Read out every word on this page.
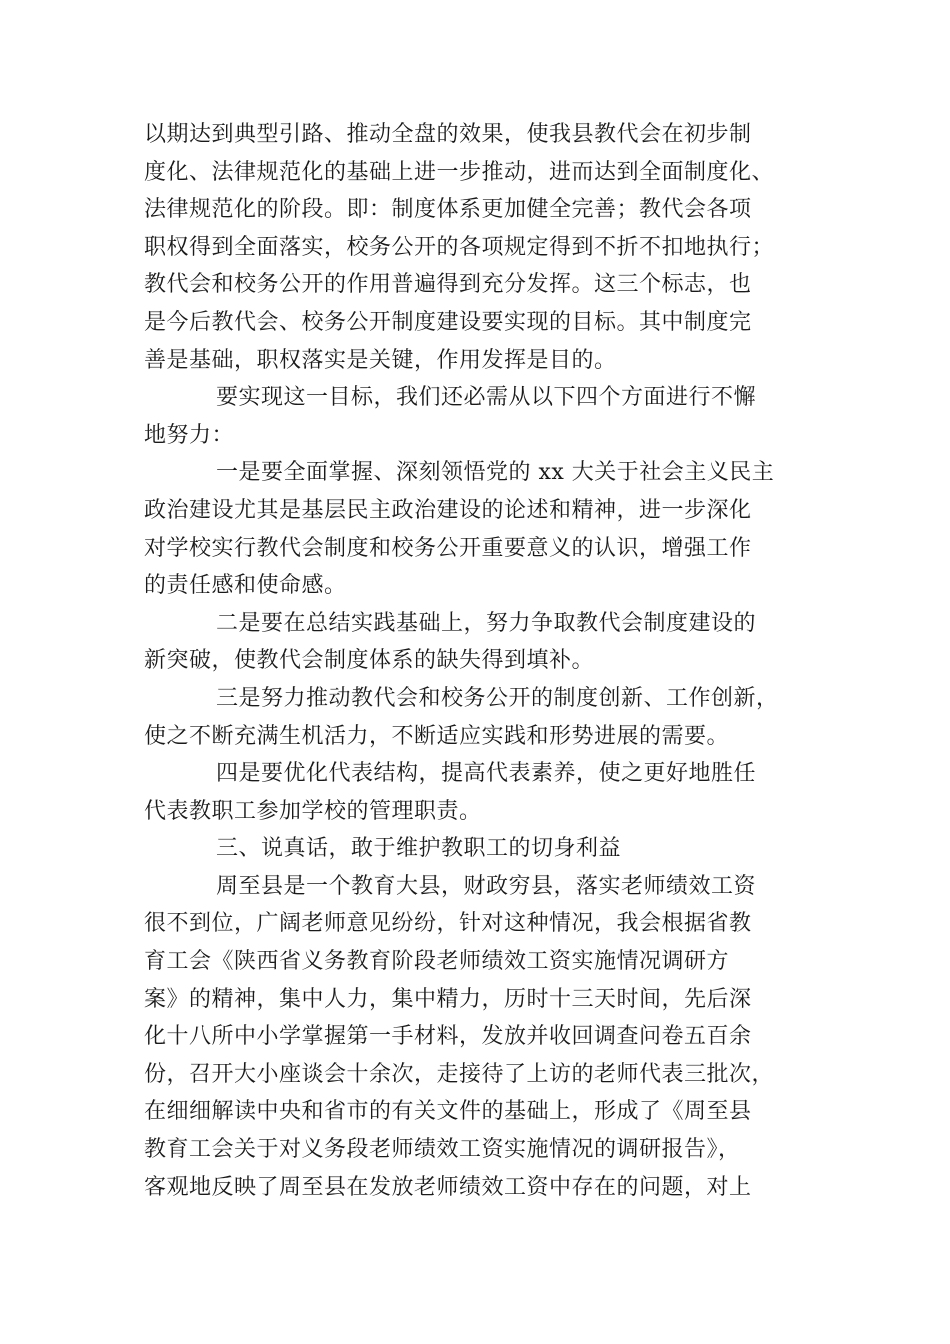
以期达到典型引路、推动全盘的效果，使我县教代会在初步制
度化、法律规范化的基础上进一步推动，进而达到全面制度化、
法律规范化的阶段。即：制度体系更加健全完善；教代会各项
职权得到全面落实，校务公开的各项规定得到不折不扣地执行；
教代会和校务公开的作用普遍得到充分发挥。这三个标志，也
是今后教代会、校务公开制度建设要实现的目标。其中制度完
善是基础，职权落实是关键，作用发挥是目的。
要实现这一目标，我们还必需从以下四个方面进行不懈
地努力：
一是要全面掌握、深刻领悟党的 xx 大关于社会主义民主
政治建设尤其是基层民主政治建设的论述和精神，进一步深化
对学校实行教代会制度和校务公开重要意义的认识，增强工作
的责任感和使命感。
二是要在总结实践基础上，努力争取教代会制度建设的
新突破，使教代会制度体系的缺失得到填补。
三是努力推动教代会和校务公开的制度创新、工作创新，
使之不断充满生机活力，不断适应实践和形势进展的需要。
四是要优化代表结构，提高代表素养，使之更好地胜任
代表教职工参加学校的管理职责。
三、说真话，敢于维护教职工的切身利益
周至县是一个教育大县，财政穷县，落实老师绩效工资
很不到位，广阔老师意见纷纷，针对这种情况，我会根据省教
育工会《陕西省义务教育阶段老师绩效工资实施情况调研方
案》的精神，集中人力，集中精力，历时十三天时间，先后深
化十八所中小学掌握第一手材料，发放并收回调查问卷五百余
份，召开大小座谈会十余次，走接待了上访的老师代表三批次，
在细细解读中央和省市的有关文件的基础上，形成了《周至县
教育工会关于对义务段老师绩效工资实施情况的调研报告》，
客观地反映了周至县在发放老师绩效工资中存在的问题，对上
